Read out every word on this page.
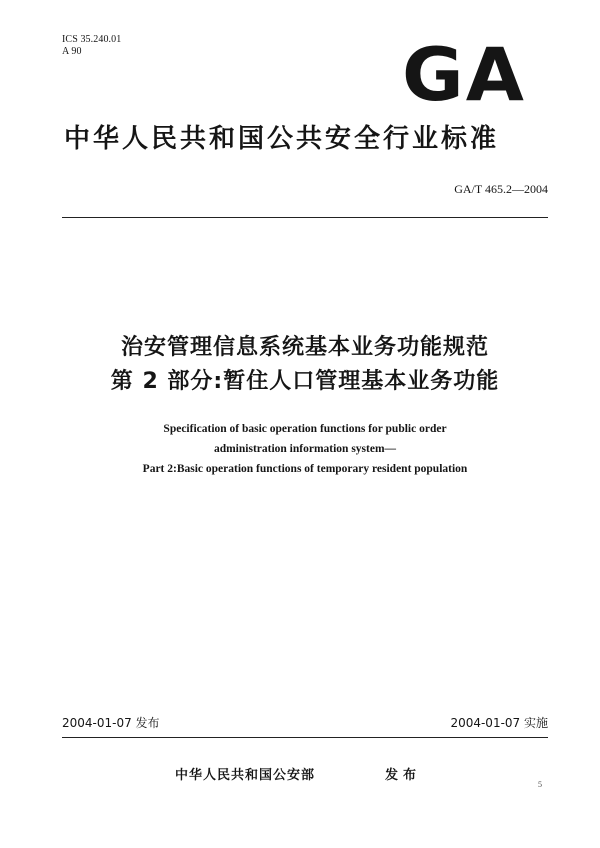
ICS 35.240.01
A 90	GA
中华人民共和国公共安全行业标准
GA/T 465.2—2004
治安管理信息系统基本业务功能规范
第 2 部分:暂住人口管理基本业务功能
Specification of basic operation functions for public order
administration information system—
Part 2:Basic operation functions of temporary resident population
2004-01-07 发布	2004-01-07 实施
中华人民共和国公安部	发布
5
